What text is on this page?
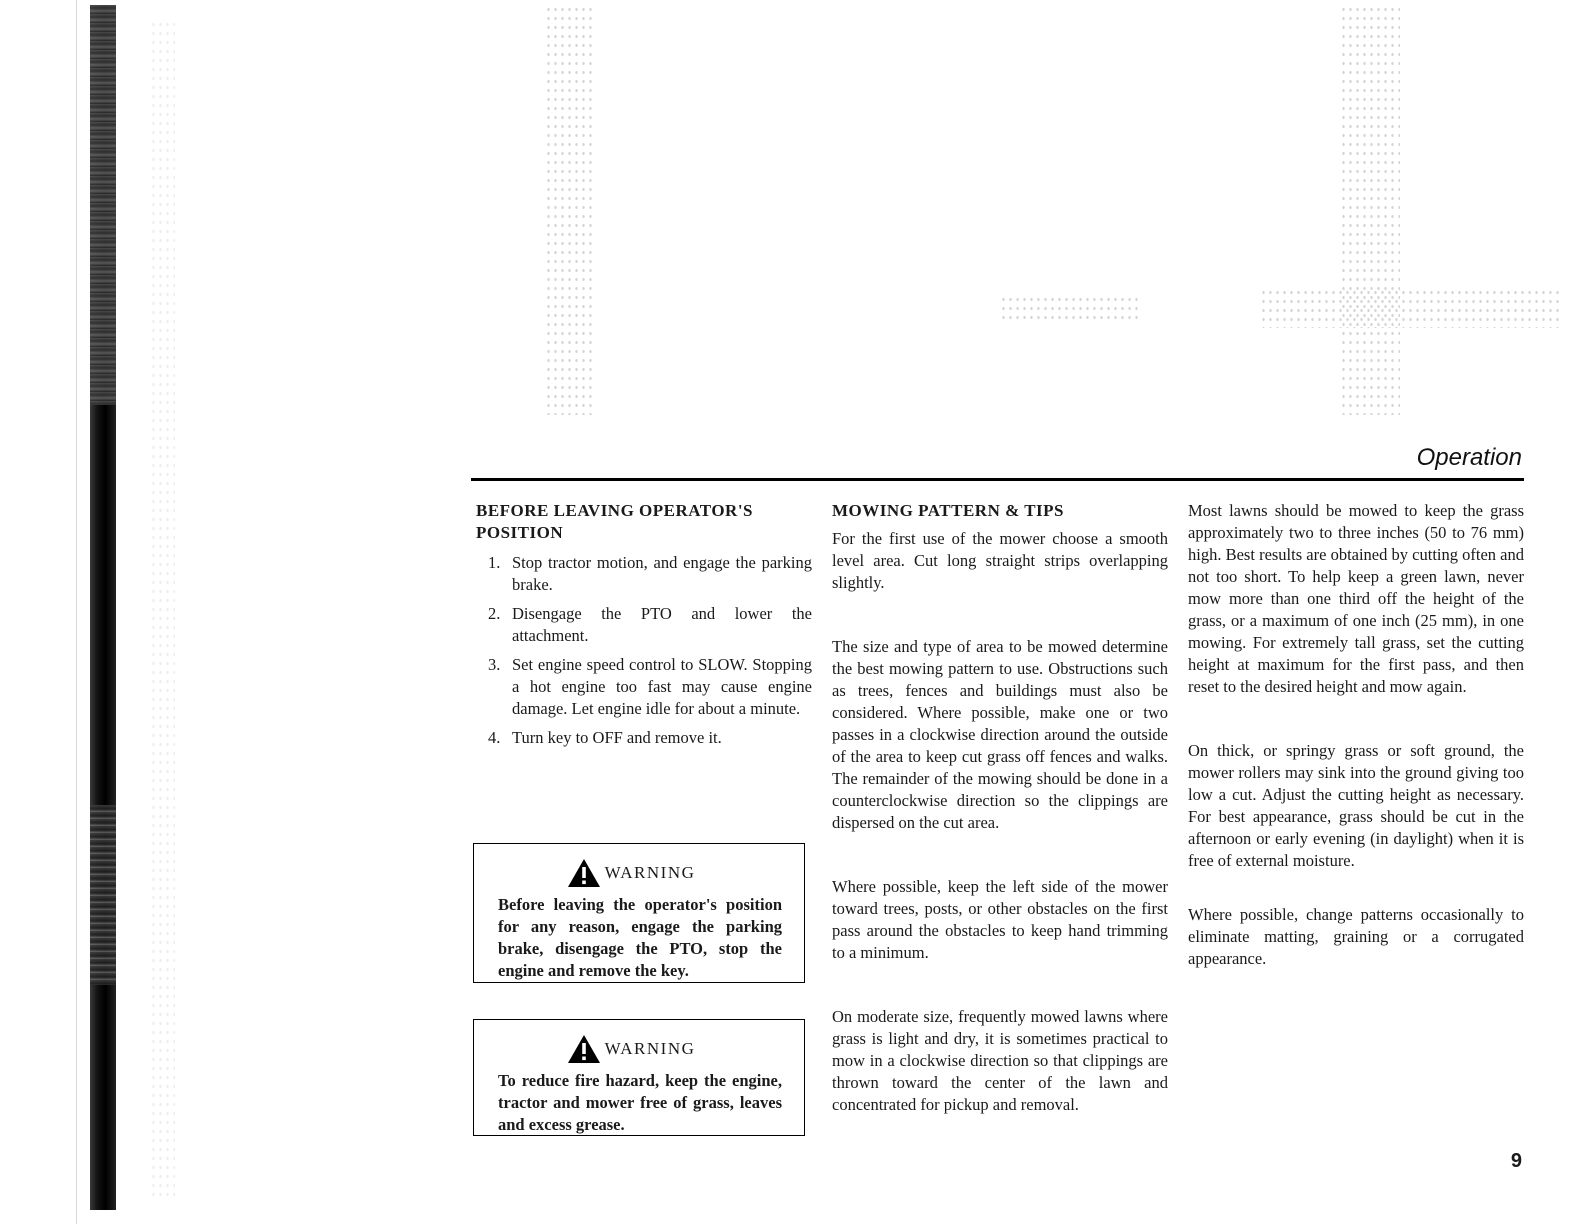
Operation
BEFORE LEAVING OPERATOR'S POSITION
1. Stop tractor motion, and engage the parking brake.
2. Disengage the PTO and lower the attachment.
3. Set engine speed control to SLOW. Stopping a hot engine too fast may cause engine damage. Let engine idle for about a minute.
4. Turn key to OFF and remove it.
WARNING
Before leaving the operator's position for any reason, engage the parking brake, disengage the PTO, stop the engine and remove the key.
WARNING
To reduce fire hazard, keep the engine, tractor and mower free of grass, leaves and excess grease.
MOWING PATTERN & TIPS

For the first use of the mower choose a smooth level area. Cut long straight strips overlapping slightly.

The size and type of area to be mowed determine the best mowing pattern to use. Obstructions such as trees, fences and buildings must also be considered. Where possible, make one or two passes in a clockwise direction around the outside of the area to keep cut grass off fences and walks. The remainder of the mowing should be done in a counterclockwise direction so the clippings are dispersed on the cut area.

Where possible, keep the left side of the mower toward trees, posts, or other obstacles on the first pass around the obstacles to keep hand trimming to a minimum.

On moderate size, frequently mowed lawns where grass is light and dry, it is sometimes practical to mow in a clockwise direction so that clippings are thrown toward the center of the lawn and concentrated for pickup and removal.

Most lawns should be mowed to keep the grass approximately two to three inches (50 to 76 mm) high. Best results are obtained by cutting often and not too short. To help keep a green lawn, never mow more than one third off the height of the grass, or a maximum of one inch (25 mm), in one mowing. For extremely tall grass, set the cutting height at maximum for the first pass, and then reset to the desired height and mow again.

On thick, or springy grass or soft ground, the mower rollers may sink into the ground giving too low a cut. Adjust the cutting height as necessary. For best appearance, grass should be cut in the afternoon or early evening (in daylight) when it is free of external moisture.

Where possible, change patterns occasionally to eliminate matting, graining or a corrugated appearance.

9
